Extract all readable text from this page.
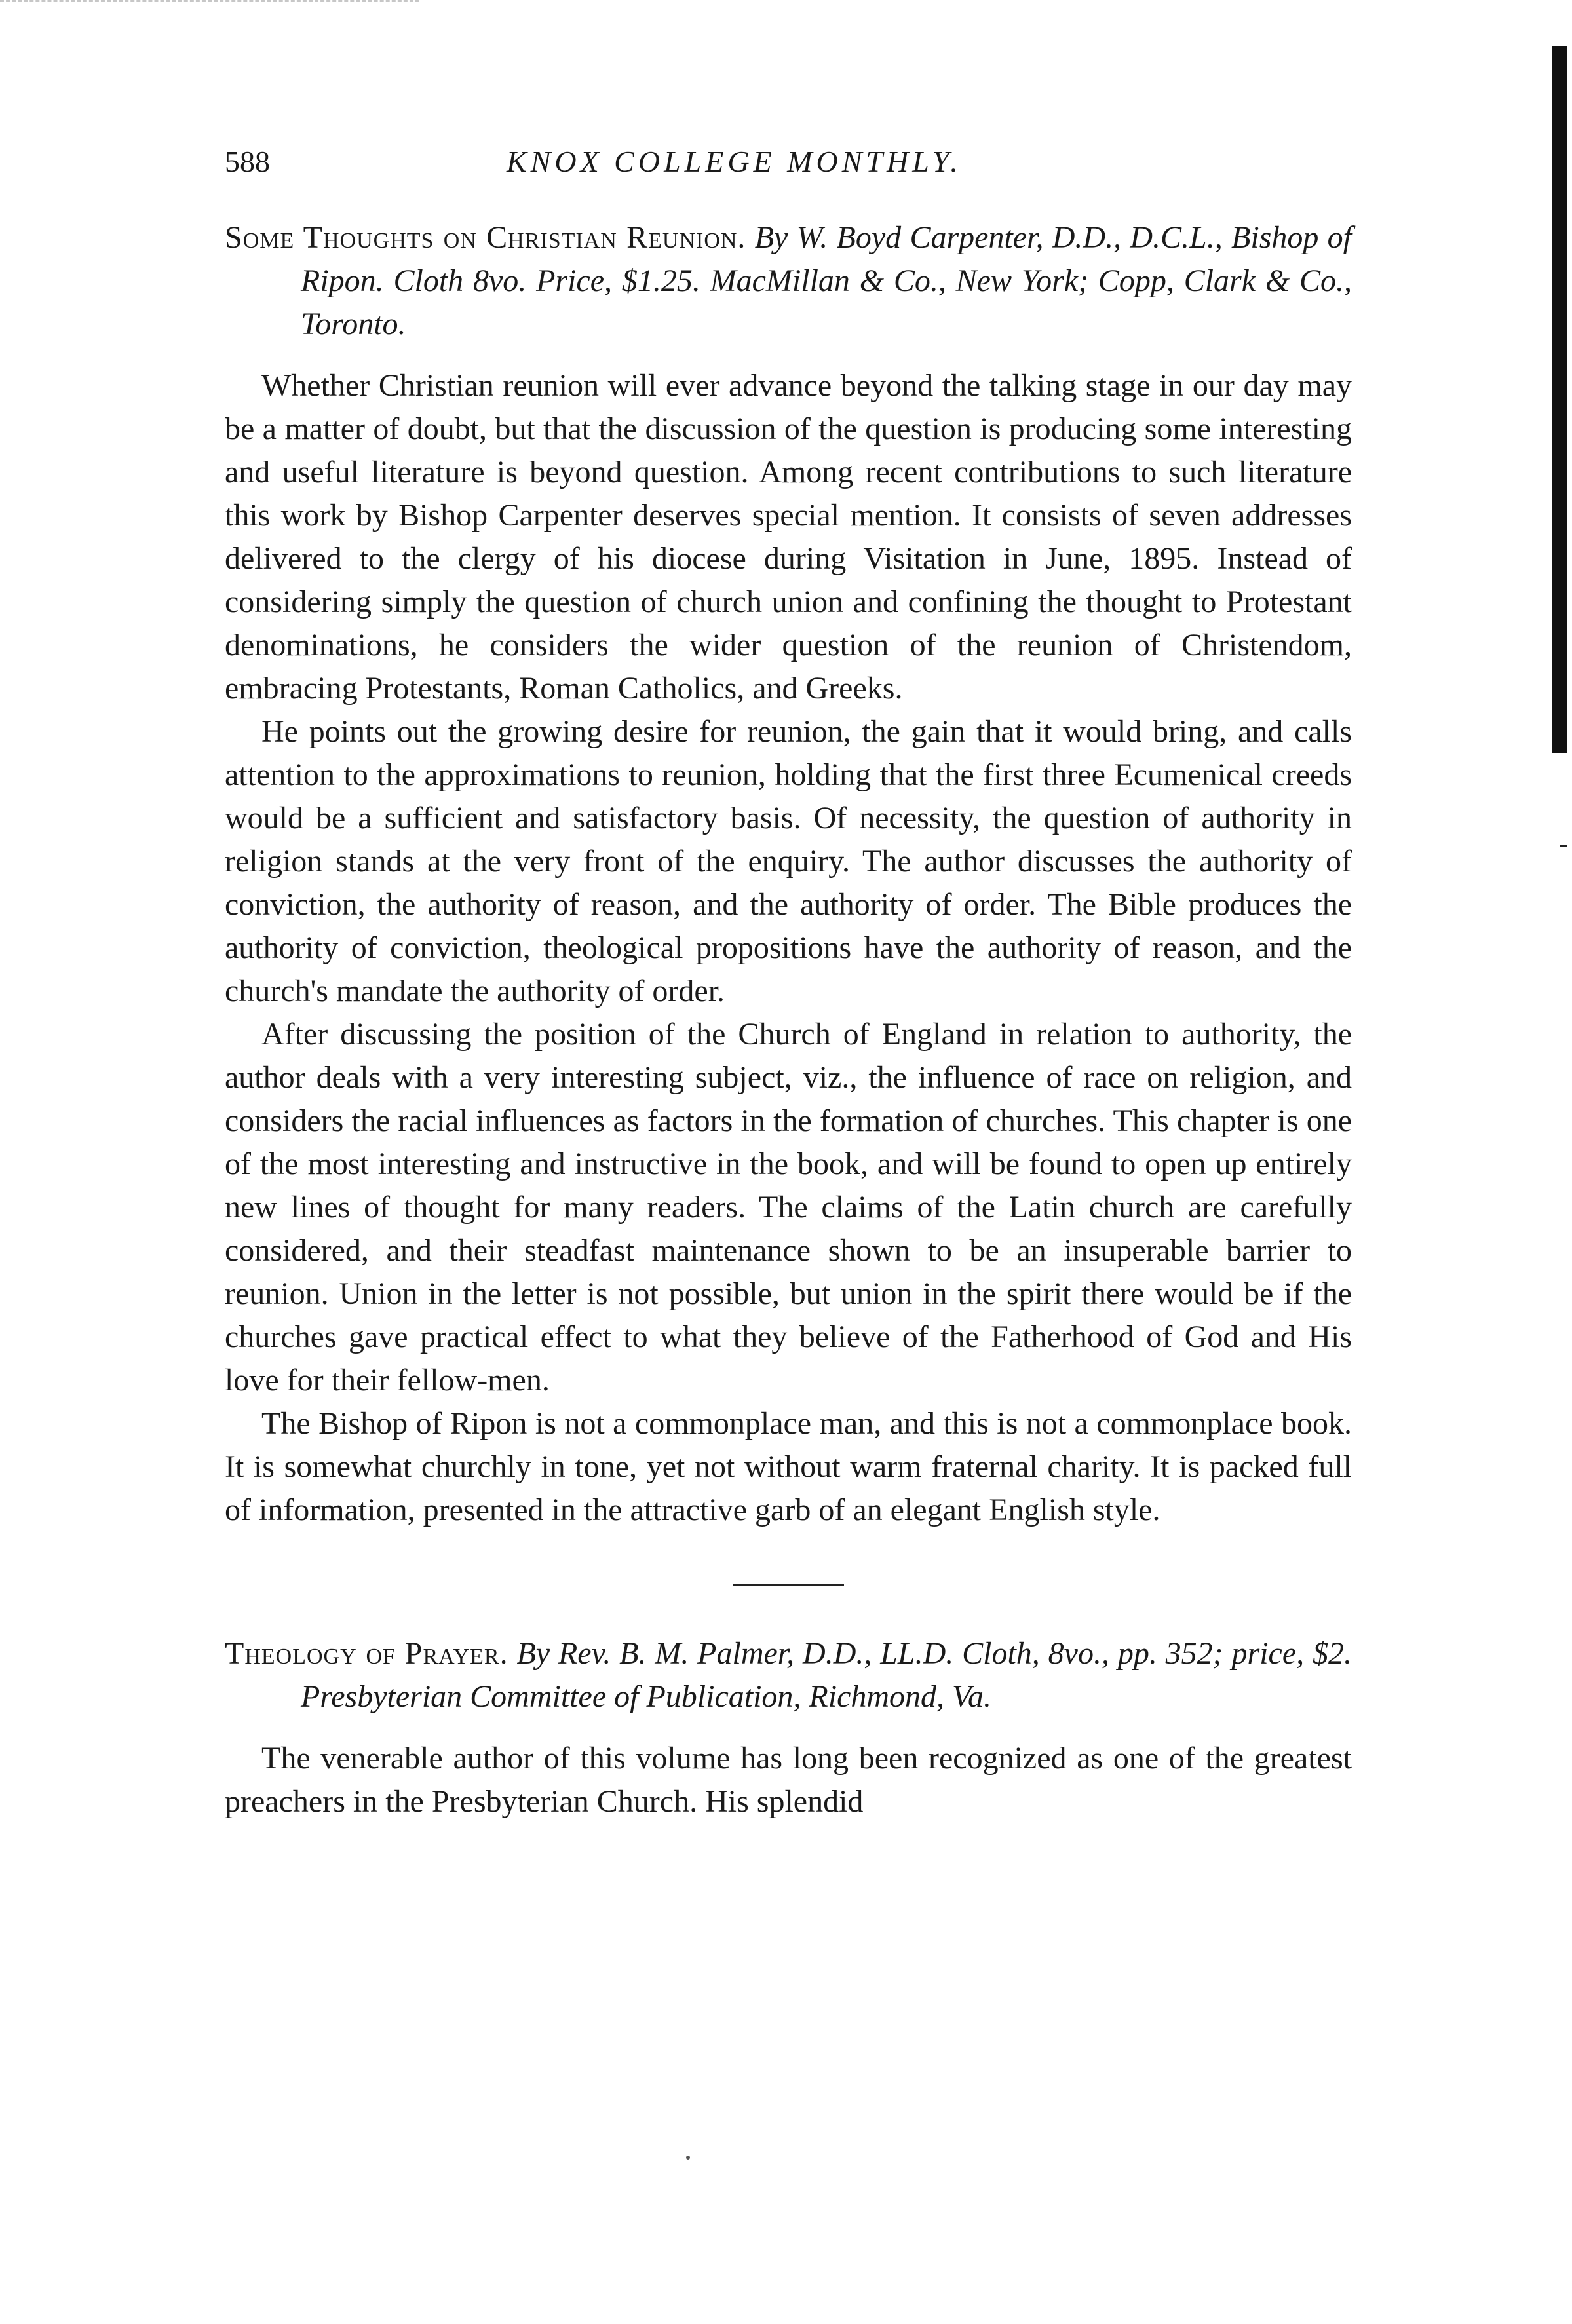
588	KNOX COLLEGE MONTHLY.

Some Thoughts on Christian Reunion. By W. Boyd Carpenter, D.D., D.C.L., Bishop of Ripon. Cloth 8vo. Price, $1.25. MacMillan & Co., New York; Copp, Clark & Co., Toronto.

Whether Christian reunion will ever advance beyond the talking stage in our day may be a matter of doubt, but that the discussion of the question is producing some interesting and useful literature is beyond question. Among recent contributions to such literature this work by Bishop Carpenter deserves special mention. It consists of seven addresses delivered to the clergy of his diocese during Visitation in June, 1895. Instead of considering simply the question of church union and confining the thought to Protestant denominations, he considers the wider question of the reunion of Christendom, embracing Protestants, Roman Catholics, and Greeks.

He points out the growing desire for reunion, the gain that it would bring, and calls attention to the approximations to reunion, holding that the first three Ecumenical creeds would be a sufficient and satisfactory basis. Of necessity, the question of authority in religion stands at the very front of the enquiry. The author discusses the authority of conviction, the authority of reason, and the authority of order. The Bible produces the authority of conviction, theological propositions have the authority of reason, and the church's mandate the authority of order.

After discussing the position of the Church of England in relation to authority, the author deals with a very interesting subject, viz., the influence of race on religion, and considers the racial influences as factors in the formation of churches. This chapter is one of the most interesting and instructive in the book, and will be found to open up entirely new lines of thought for many readers. The claims of the Latin church are carefully considered, and their steadfast maintenance shown to be an insuperable barrier to reunion. Union in the letter is not possible, but union in the spirit there would be if the churches gave practical effect to what they believe of the Fatherhood of God and His love for their fellow-men.

The Bishop of Ripon is not a commonplace man, and this is not a commonplace book. It is somewhat churchly in tone, yet not without warm fraternal charity. It is packed full of information, presented in the attractive garb of an elegant English style.

Theology of Prayer. By Rev. B. M. Palmer, D.D., LL.D. Cloth, 8vo., pp. 352; price, $2. Presbyterian Committee of Publication, Richmond, Va.

The venerable author of this volume has long been recognized as one of the greatest preachers in the Presbyterian Church. His splendid
